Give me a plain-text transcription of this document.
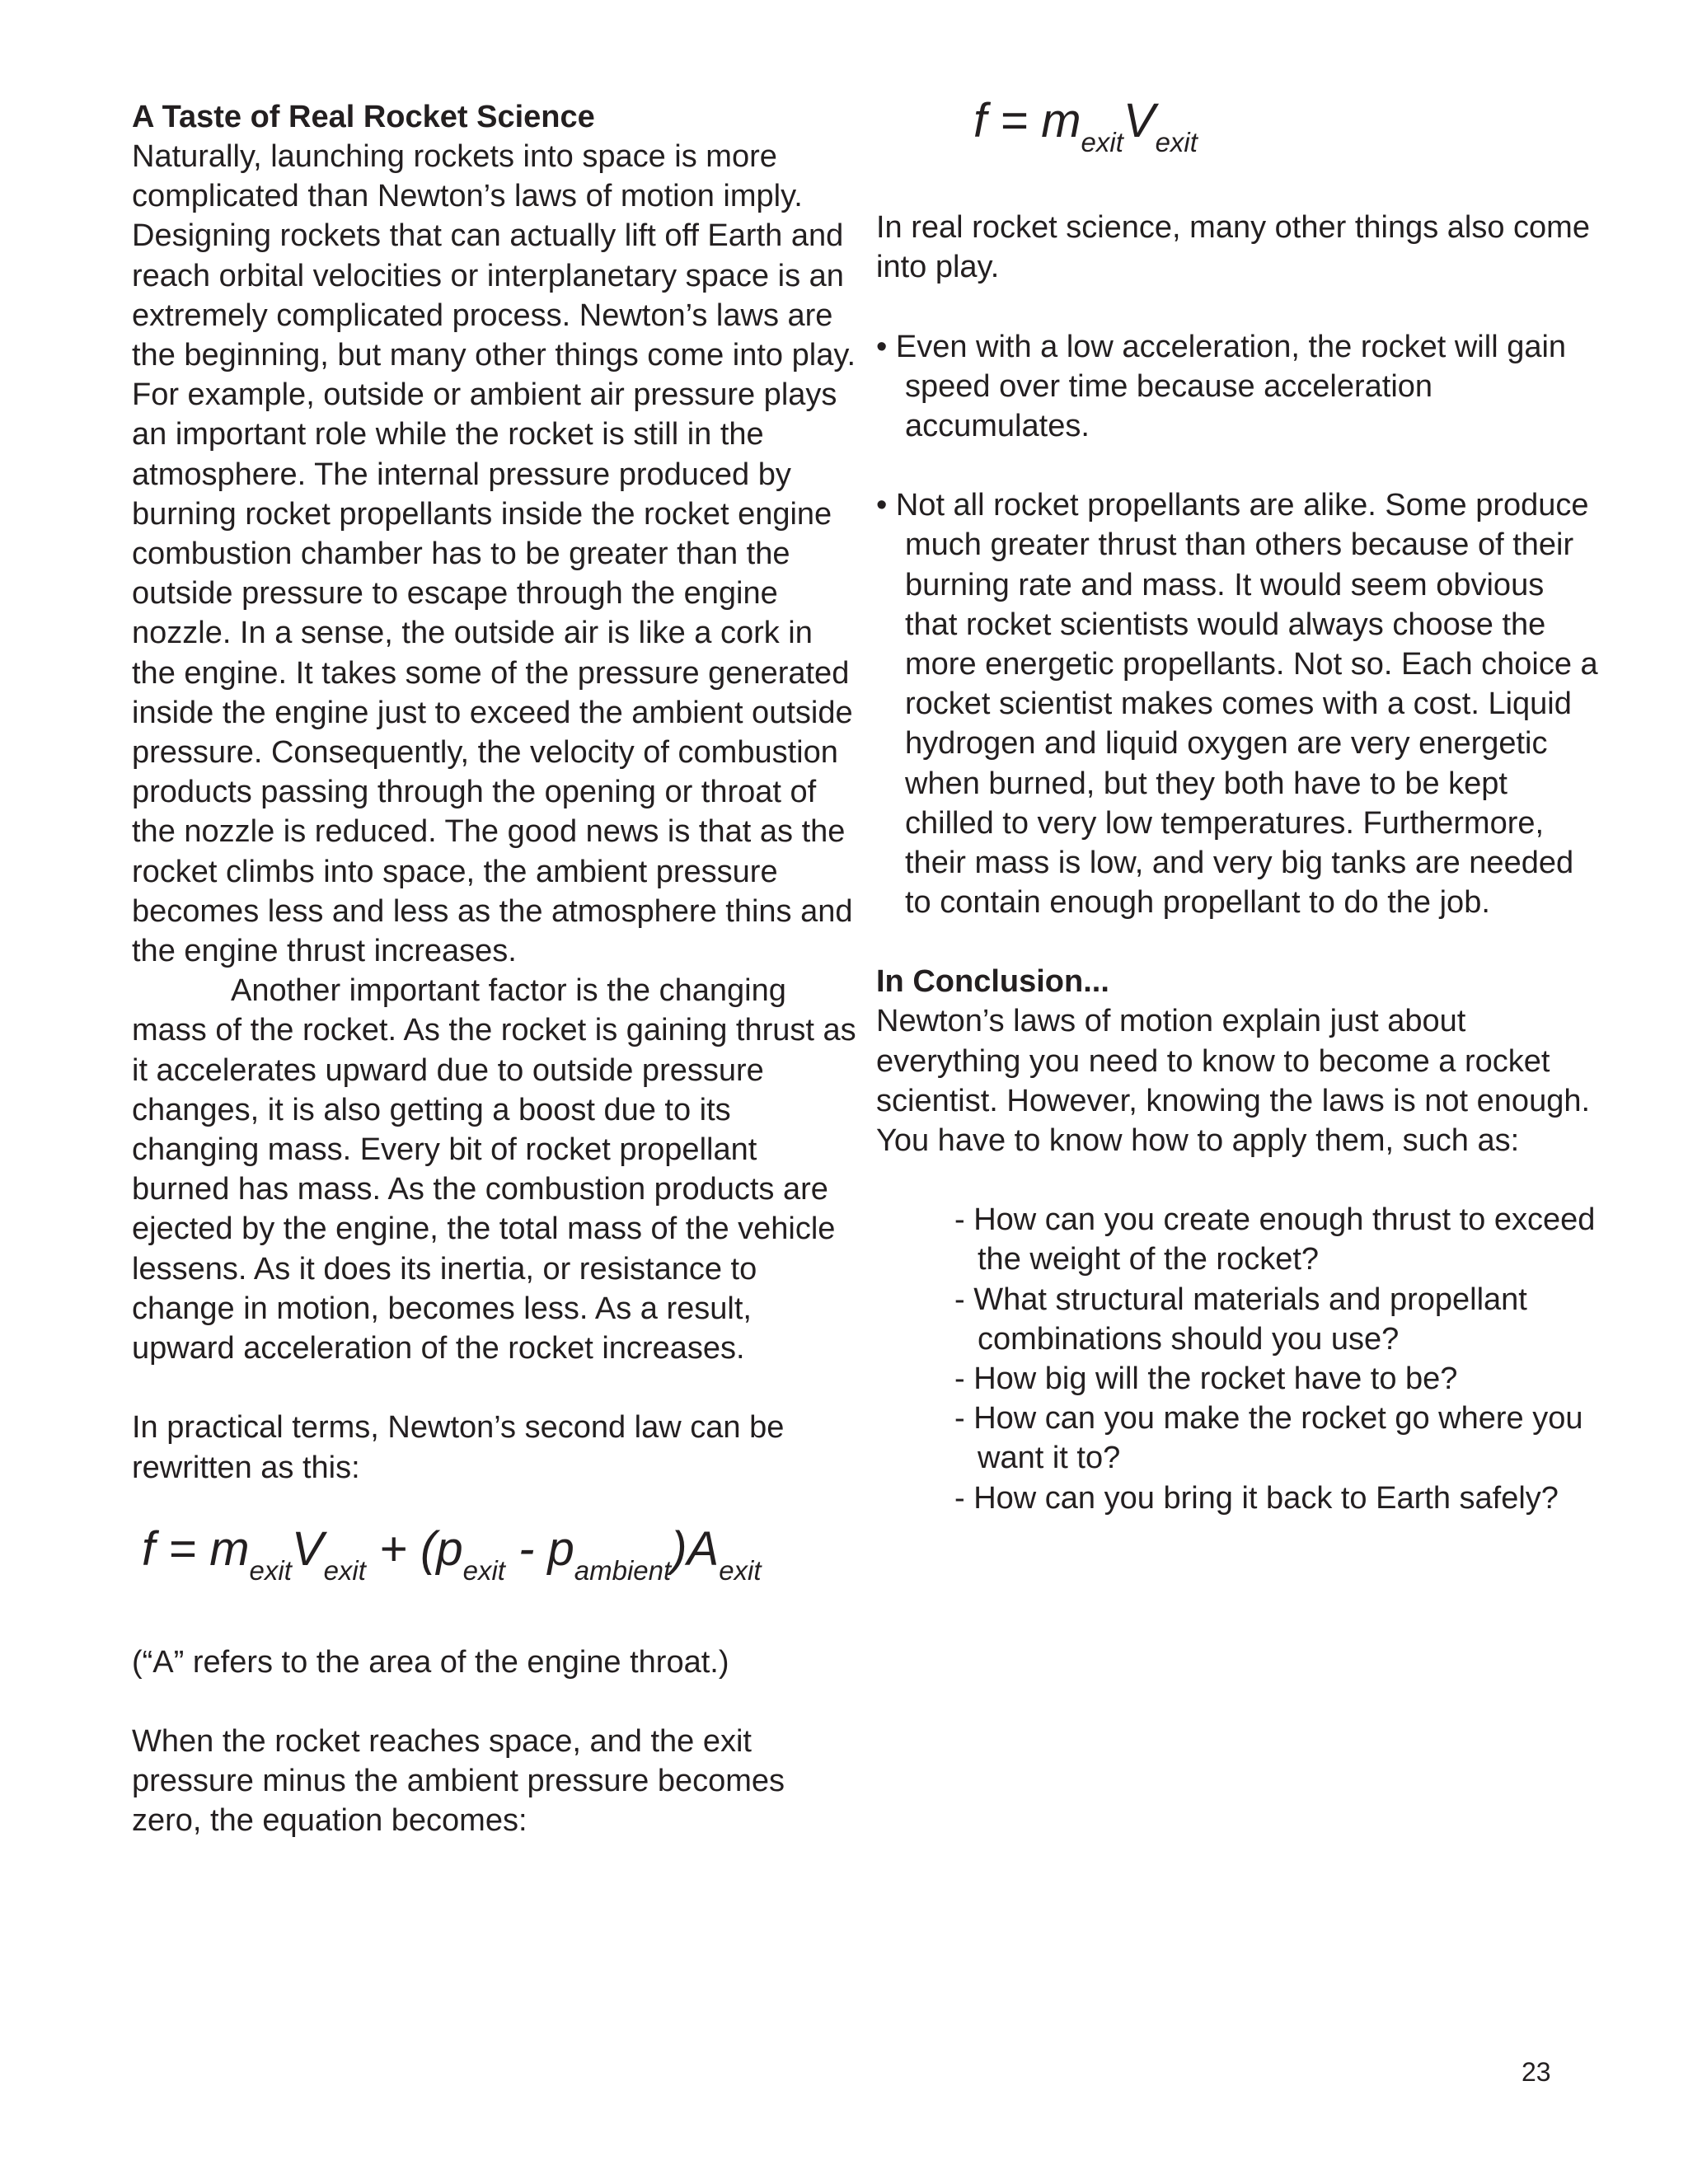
A Taste of Real Rocket Science

Naturally, launching rockets into space is more complicated than Newton’s laws of motion imply. Designing rockets that can actually lift off Earth and reach orbital velocities or interplanetary space is an extremely complicated process. Newton’s laws are the beginning, but many other things come into play. For example, outside or ambient air pressure plays an important role while the rocket is still in the atmosphere. The internal pressure produced by burning rocket propellants inside the rocket engine combustion chamber has to be greater than the outside pressure to escape through the engine nozzle. In a sense, the outside air is like a cork in the engine. It takes some of the pressure generated inside the engine just to exceed the ambient outside pressure. Consequently, the velocity of combustion products passing through the opening or throat of the nozzle is reduced. The good news is that as the rocket climbs into space, the ambient pressure becomes less and less as the atmosphere thins and the engine thrust increases.

Another important factor is the changing mass of the rocket. As the rocket is gaining thrust as it accelerates upward due to outside pressure changes, it is also getting a boost due to its changing mass. Every bit of rocket propellant burned has mass. As the combustion products are ejected by the engine, the total mass of the vehicle lessens. As it does its inertia, or resistance to change in motion, becomes less. As a result, upward acceleration of the rocket increases.

In practical terms, Newton’s second law can be rewritten as this:

$f = m_{exit}V_{exit} + (p_{exit} - p_{ambient})A_{exit}$

(“A” refers to the area of the engine throat.)

When the rocket reaches space, and the exit pressure minus the ambient pressure becomes zero, the equation becomes:

$f = m_{exit}V_{exit}$

In real rocket science, many other things also come into play.

• Even with a low acceleration, the rocket will gain speed over time because acceleration accumulates.
• Not all rocket propellants are alike. Some produce much greater thrust than others because of their burning rate and mass. It would seem obvious that rocket scientists would always choose the more energetic propellants. Not so. Each choice a rocket scientist makes comes with a cost. Liquid hydrogen and liquid oxygen are very energetic when burned, but they both have to be kept chilled to very low temperatures. Furthermore, their mass is low, and very big tanks are needed to contain enough propellant to do the job.

In Conclusion...

Newton’s laws of motion explain just about everything you need to know to become a rocket scientist. However, knowing the laws is not enough. You have to know how to apply them, such as:

- How can you create enough thrust to exceed the weight of the rocket?
- What structural materials and propellant combinations should you use?
- How big will the rocket have to be?
- How can you make the rocket go where you want it to?
- How can you bring it back to Earth safely?
23
